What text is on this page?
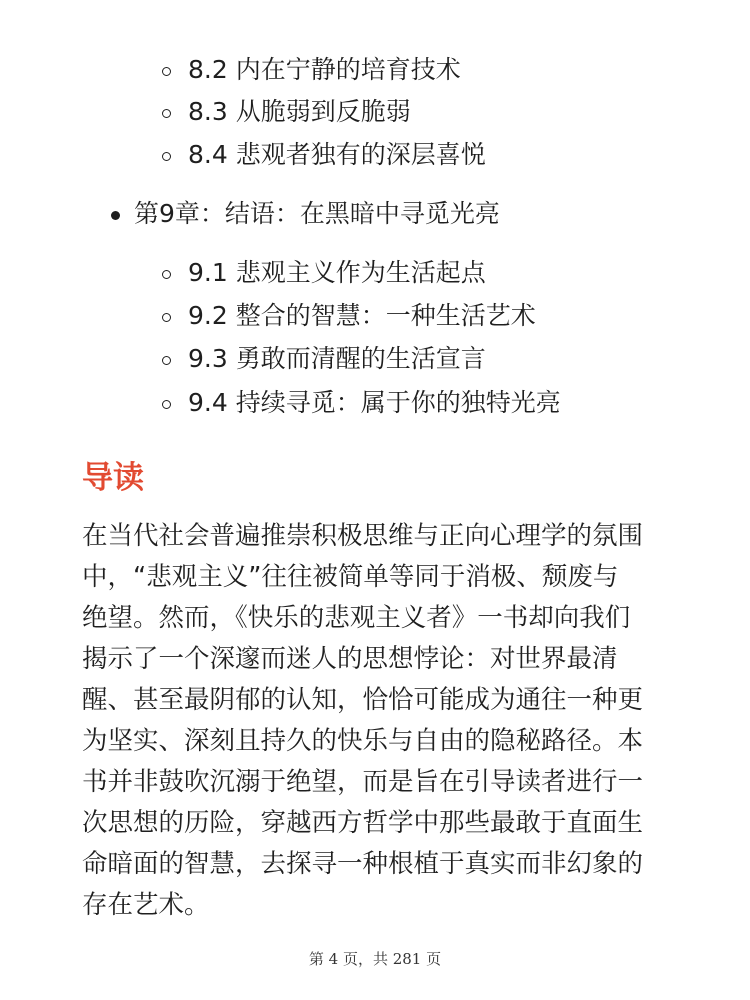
8.2 内在宁静的培育技术
8.3 从脆弱到反脆弱
8.4 悲观者独有的深层喜悦
第9章：结语：在黑暗中寻觅光亮
9.1 悲观主义作为生活起点
9.2 整合的智慧：一种生活艺术
9.3 勇敢而清醒的生活宣言
9.4 持续寻觅：属于你的独特光亮
导读
在当代社会普遍推崇积极思维与正向心理学的氛围
中，“悲观主义”往往被简单等同于消极、颓废与
绝望。然而，《快乐的悲观主义者》一书却向我们
揭示了一个深邃而迷人的思想悖论：对世界最清
醒、甚至最阴郁的认知，恰恰可能成为通往一种更
为坚实、深刻且持久的快乐与自由的隐秘路径。本
书并非鼓吹沉溺于绝望，而是旨在引导读者进行一
次思想的历险，穿越西方哲学中那些最敢于直面生
命暗面的智慧，去探寻一种根植于真实而非幻象的
存在艺术。
第 4 页，共 281 页
